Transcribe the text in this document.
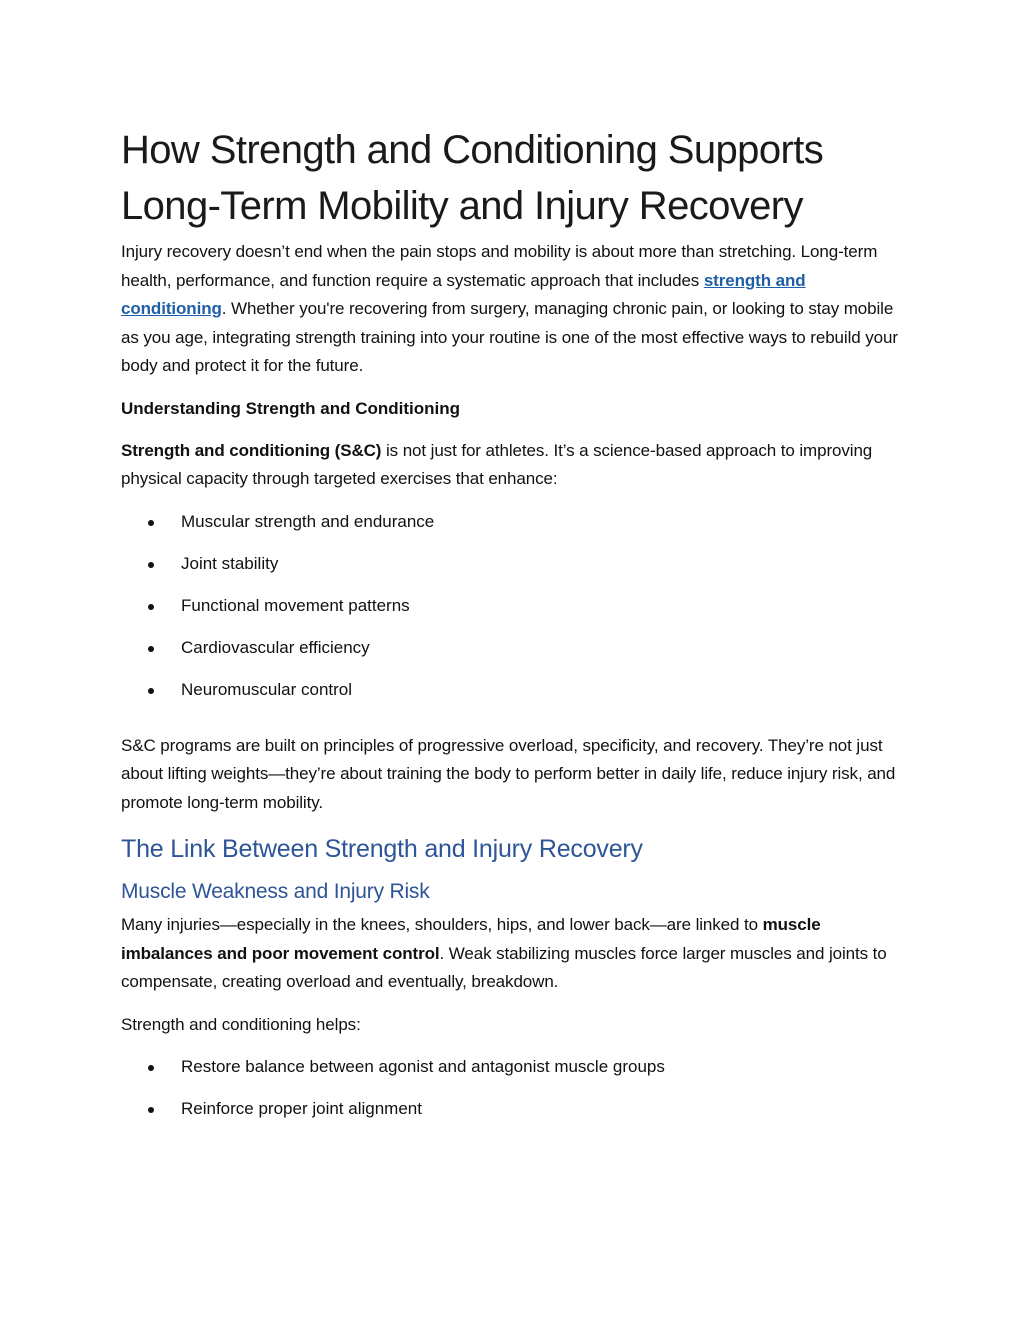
How Strength and Conditioning Supports
Long-Term Mobility and Injury Recovery

Injury recovery doesn’t end when the pain stops and mobility is about more than stretching. Long-term health, performance, and function require a systematic approach that includes strength and conditioning. Whether you're recovering from surgery, managing chronic pain, or looking to stay mobile as you age, integrating strength training into your routine is one of the most effective ways to rebuild your body and protect it for the future.

Understanding Strength and Conditioning

Strength and conditioning (S&C) is not just for athletes. It’s a science-based approach to improving physical capacity through targeted exercises that enhance:

Muscular strength and endurance
Joint stability
Functional movement patterns
Cardiovascular efficiency
Neuromuscular control

S&C programs are built on principles of progressive overload, specificity, and recovery. They’re not just about lifting weights—they’re about training the body to perform better in daily life, reduce injury risk, and promote long-term mobility.

The Link Between Strength and Injury Recovery
Muscle Weakness and Injury Risk

Many injuries—especially in the knees, shoulders, hips, and lower back—are linked to muscle imbalances and poor movement control. Weak stabilizing muscles force larger muscles and joints to compensate, creating overload and eventually, breakdown.

Strength and conditioning helps:

Restore balance between agonist and antagonist muscle groups
Reinforce proper joint alignment
